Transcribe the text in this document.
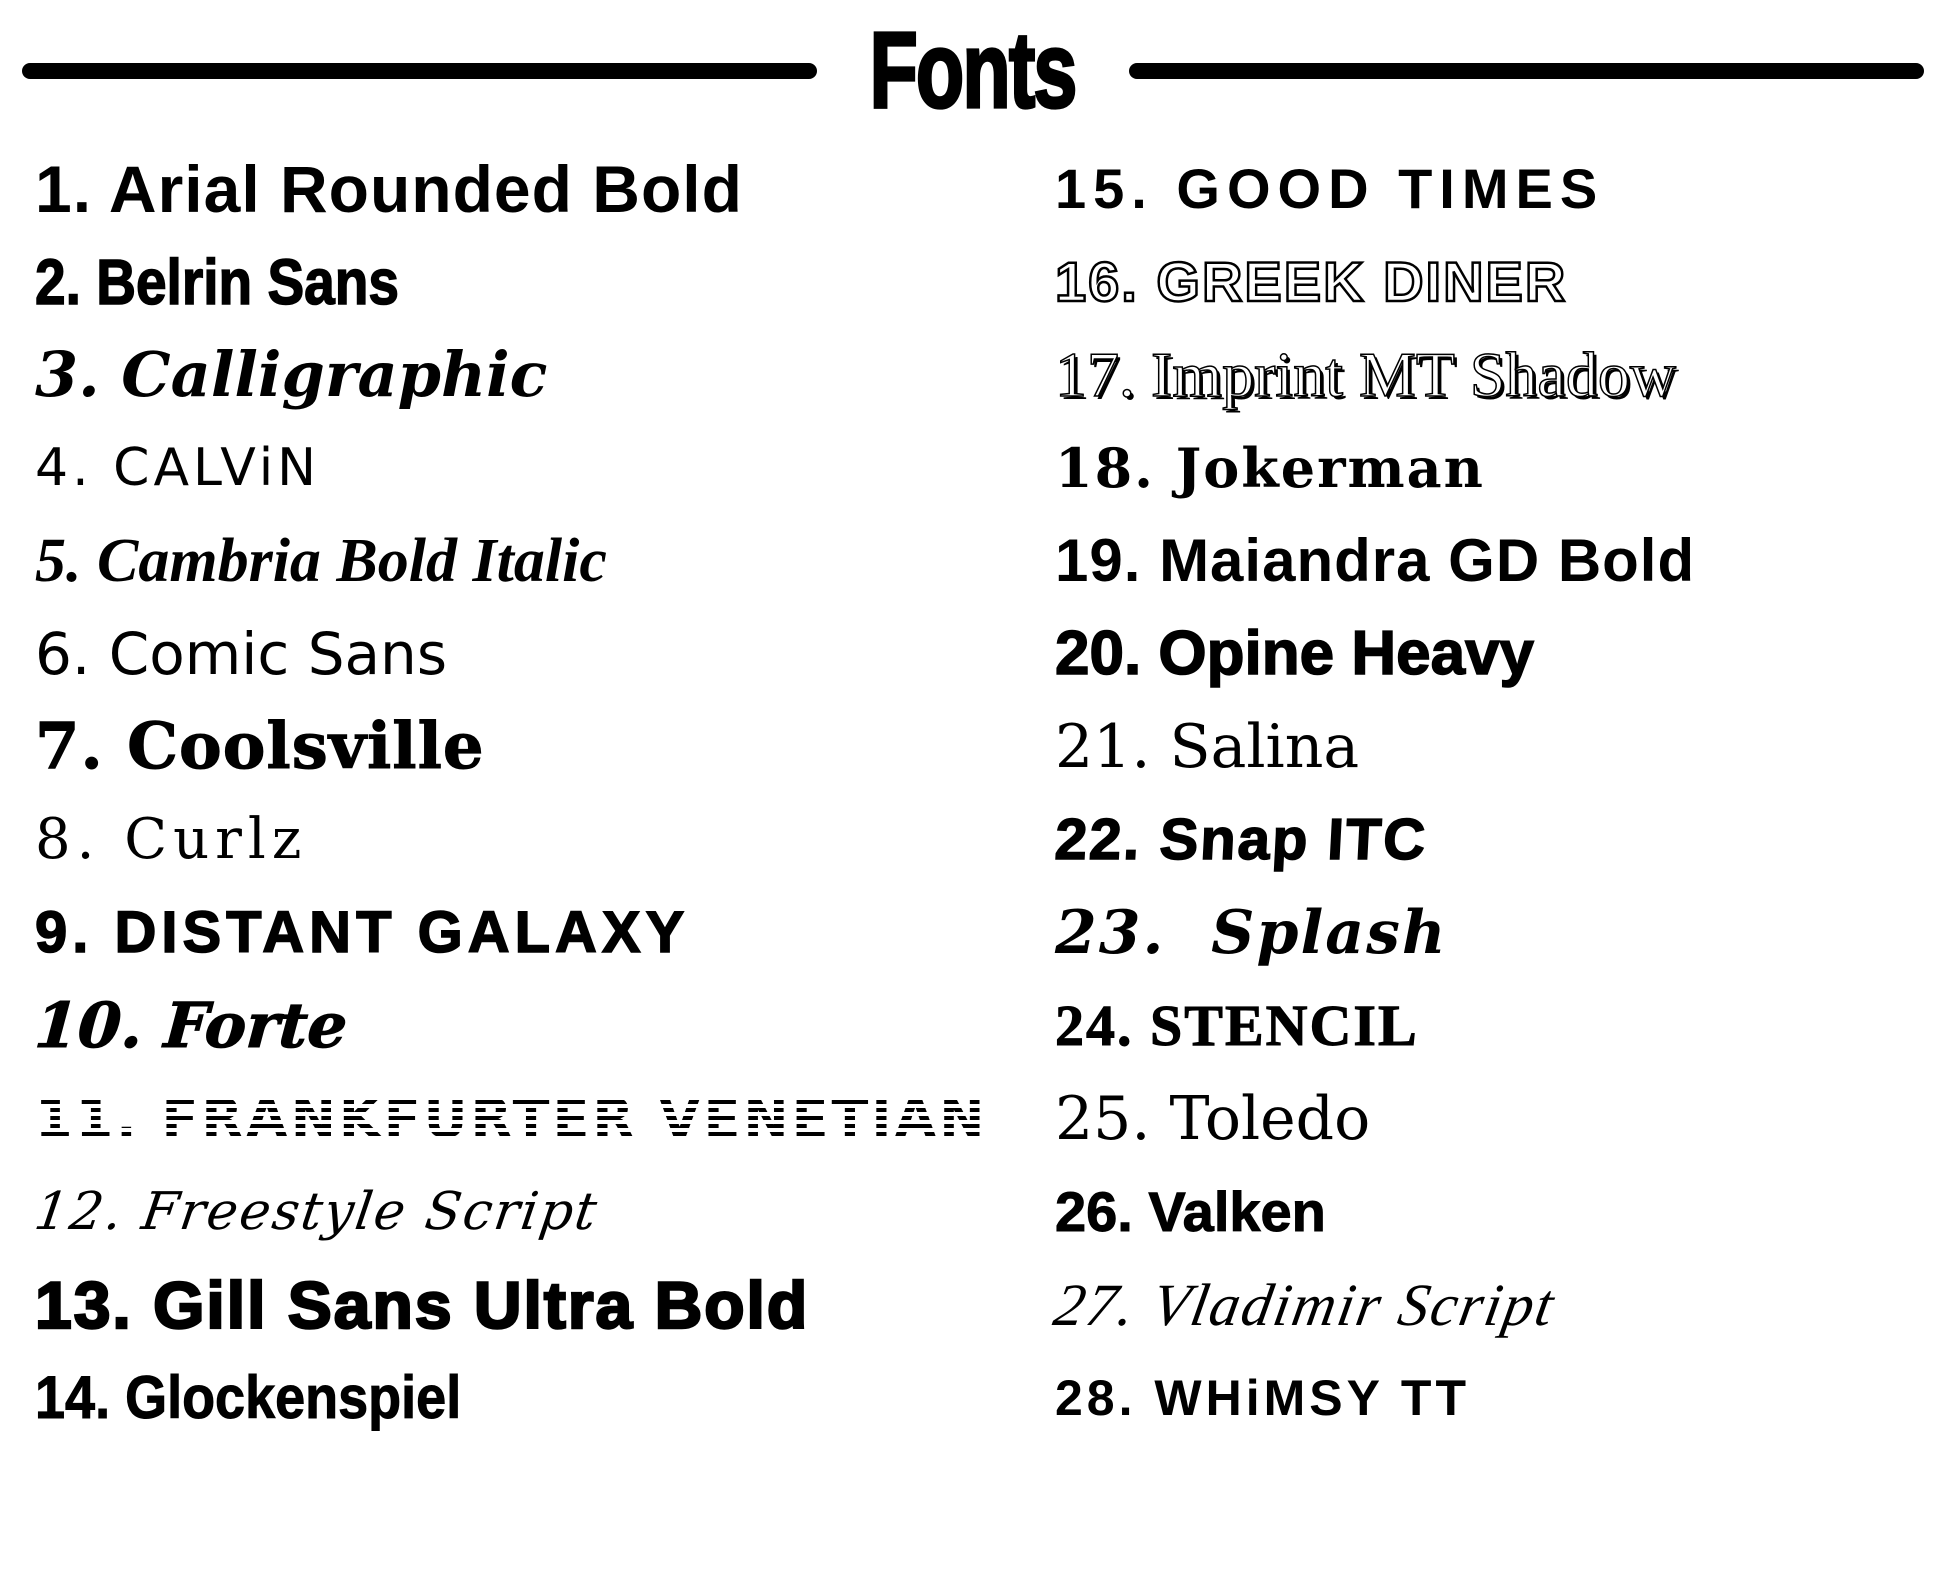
Fonts
1. Arial Rounded Bold
2. Belrin Sans
3. Calligraphic
4. CALViN
5. Cambria Bold Italic
6. Comic Sans
7. Coolsville
8. Curlz
9. DISTANT GALAXY
10. Forte
11. FRANKFURTER VENETIAN
12. Freestyle Script
13. Gill Sans Ultra Bold
14. Glockenspiel
15. GOOD TIMES
16. GREEK DINER
17. Imprint MT Shadow
18. Jokerman
19. Maiandra GD Bold
20. Opine Heavy
21. Salina
22. Snap ITC
23.  Splash
24. STENCIL
25. Toledo
26. Valken
27. Vladimir Script
28. WHiMSY TT
